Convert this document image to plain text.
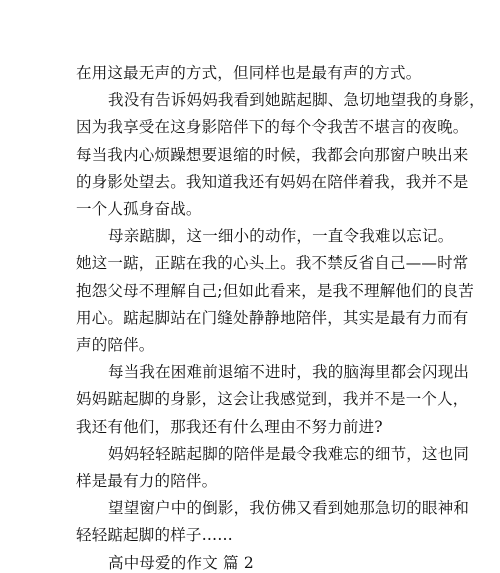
在用这最无声的方式，但同样也是最有声的方式。
我没有告诉妈妈我看到她踮起脚、急切地望我的身影，
因为我享受在这身影陪伴下的每个令我苦不堪言的夜晚。
每当我内心烦躁想要退缩的时候，我都会向那窗户映出来
的身影处望去。我知道我还有妈妈在陪伴着我，我并不是
一个人孤身奋战。
母亲踮脚，这一细小的动作，一直令我难以忘记。
她这一踮，正踮在我的心头上。我不禁反省自己——时常
抱怨父母不理解自己;但如此看来，是我不理解他们的良苦
用心。踮起脚站在门缝处静静地陪伴，其实是最有力而有
声的陪伴。
每当我在困难前退缩不进时，我的脑海里都会闪现出
妈妈踮起脚的身影，这会让我感觉到，我并不是一个人，
我还有他们，那我还有什么理由不努力前进?
妈妈轻轻踮起脚的陪伴是最令我难忘的细节，这也同
样是最有力的陪伴。
望望窗户中的倒影，我仿佛又看到她那急切的眼神和
轻轻踮起脚的样子……
高中母爱的作文 篇 2
